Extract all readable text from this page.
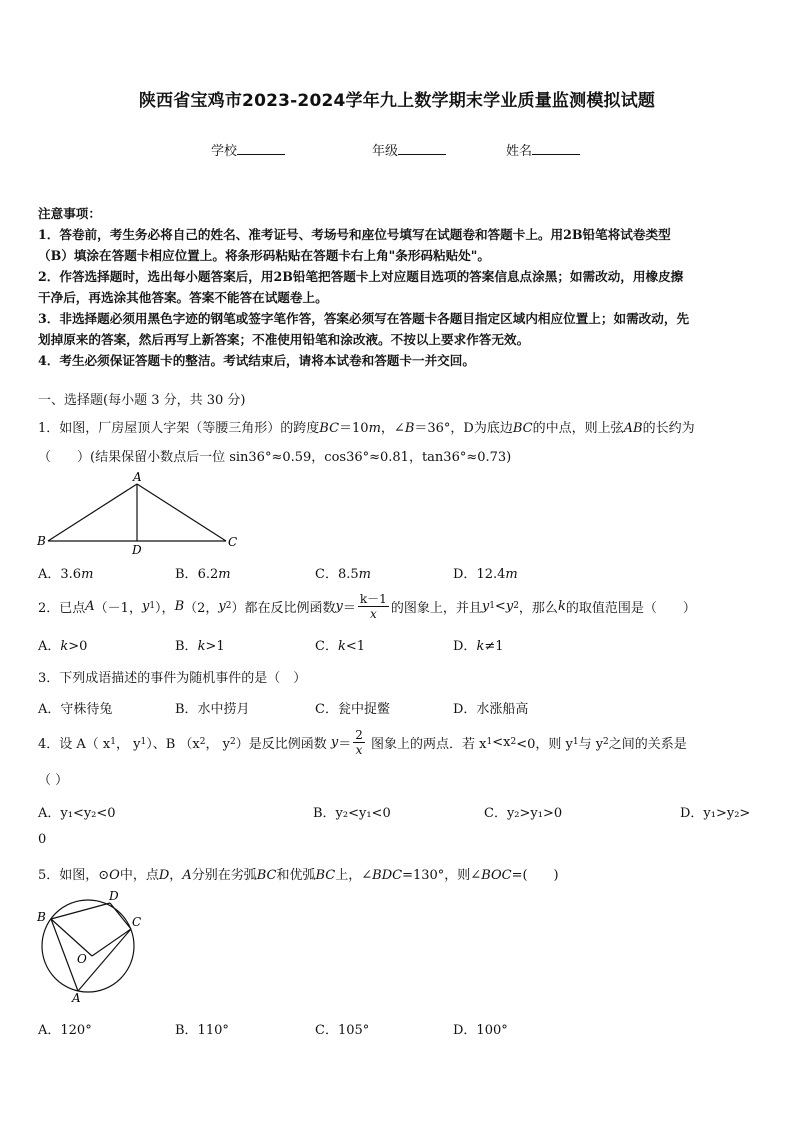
陕西省宝鸡市2023-2024学年九上数学期末学业质量监测模拟试题
学校	年级	姓名
注意事项：
1．答卷前，考生务必将自己的姓名、准考证号、考场号和座位号填写在试题卷和答题卡上。用2B铅笔将试卷类型
（B）填涂在答题卡相应位置上。将条形码粘贴在答题卡右上角"条形码粘贴处"。
2．作答选择题时，选出每小题答案后，用2B铅笔把答题卡上对应题目选项的答案信息点涂黑；如需改动，用橡皮擦
干净后，再选涂其他答案。答案不能答在试题卷上。
3．非选择题必须用黑色字迹的钢笔或签字笔作答，答案必须写在答题卡各题目指定区域内相应位置上；如需改动，先
划掉原来的答案，然后再写上新答案；不准使用铅笔和涂改液。不按以上要求作答无效。
4．考生必须保证答题卡的整洁。考试结束后，请将本试卷和答题卡一并交回。
一、选择题(每小题 3 分，共 30 分)
1．如图，厂房屋顶人字架（等腰三角形）的跨度BC＝10m，∠B＝36°，D为底边BC的中点，则上弦AB的长约为
（　　）(结果保留小数点后一位 sin36°≈0.59，cos36°≈0.81，tan36°≈0.73)
A
B	C
D
A．3.6m	B．6.2m	C．8.5m	D．12.4m
2．已点 A （－1， y 1 ）， B （2， y 2 ）都在反比例函数 $y = \frac{k-1}{x}$ 的图象上，并且 y 1 < y 2 ，那么 k 的取值范围是（　　）
A．k>0	B．k>1	C．k<1	D．k≠1
3．下列成语描述的事件为随机事件的是（　）
A．守株待兔	B．水中捞月	C．瓮中捉鳖	D．水涨船高
4．设 A（ x 1 ， y 1 ）、B （x 2 ， y 2 ）是反比例函数
$y = \frac{2}{x}$
图象上的两点．若 x 1 <x 2 <0，则 y 1 与 y 2 之间的关系是
（ ）
A．y₁<y₂<0	B．y₂<y₁<0	C．y₂>y₁>0	D．y₁>y₂>
0
5．如图，⊙O中，点D，A分别在劣弧BC和优弧BC上，∠BDC=130°，则∠BOC=(　　)
B
D
C
O
A
A．120°	B．110°	C．105°	D．100°
